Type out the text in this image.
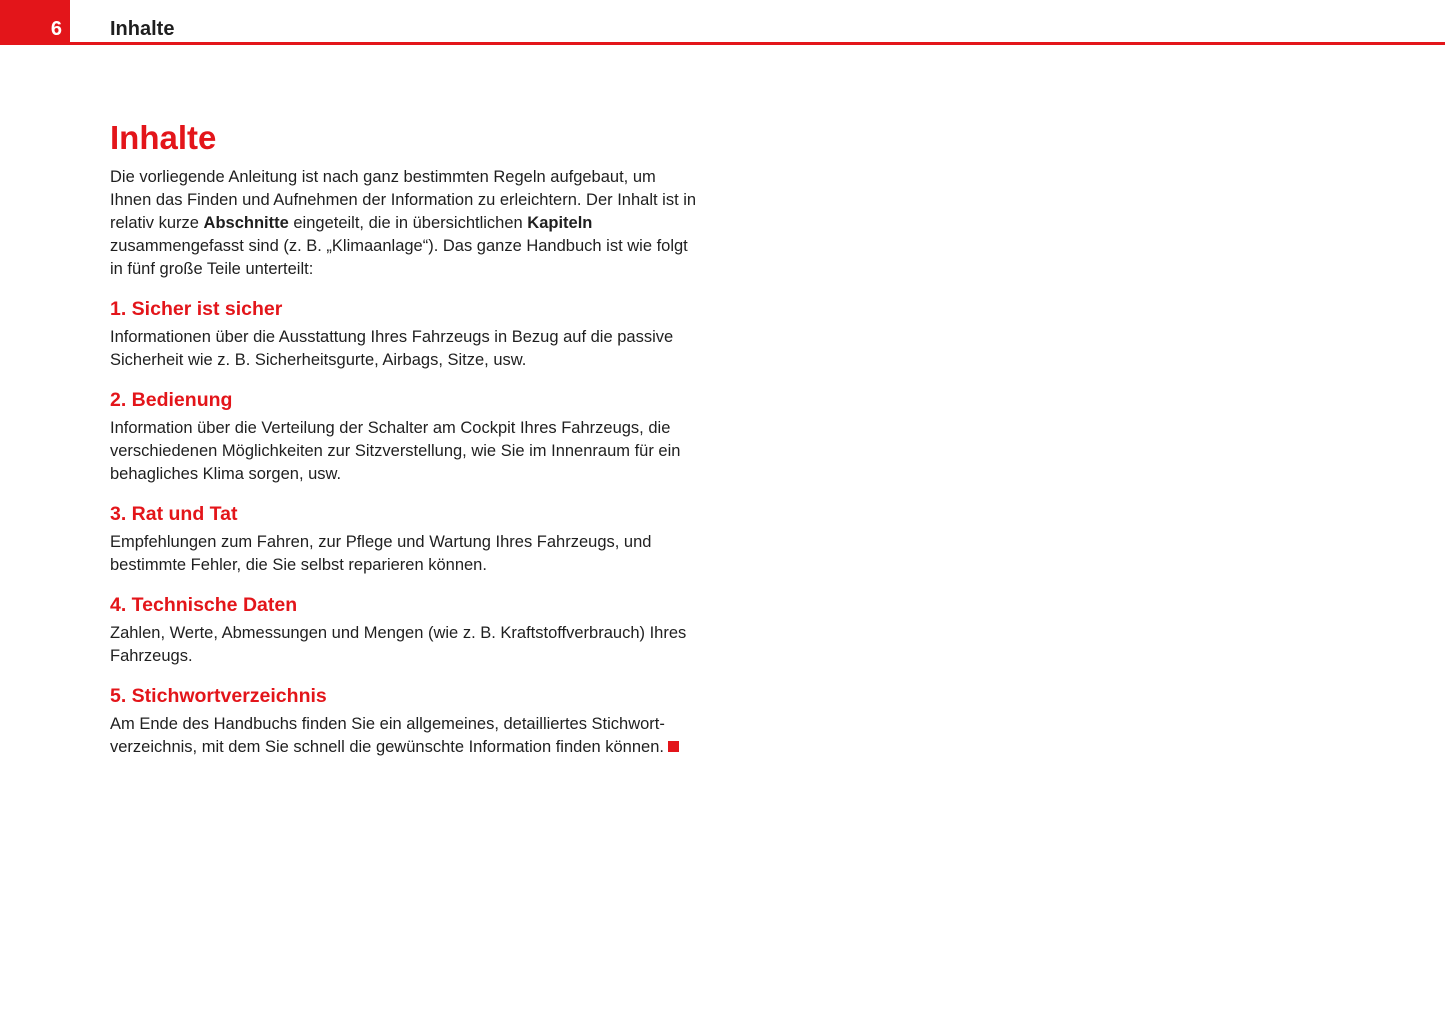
6 Inhalte
Inhalte

Die vorliegende Anleitung ist nach ganz bestimmten Regeln aufgebaut, um Ihnen das Finden und Aufnehmen der Information zu erleichtern. Der Inhalt ist in relativ kurze Abschnitte eingeteilt, die in übersichtlichen Kapiteln zusammengefasst sind (z. B. „Klimaanlage“). Das ganze Handbuch ist wie folgt in fünf große Teile unterteilt:

1. Sicher ist sicher

Informationen über die Ausstattung Ihres Fahrzeugs in Bezug auf die passive Sicherheit wie z. B. Sicherheitsgurte, Airbags, Sitze, usw.

2. Bedienung

Information über die Verteilung der Schalter am Cockpit Ihres Fahrzeugs, die verschiedenen Möglichkeiten zur Sitzverstellung, wie Sie im Innenraum für ein behagliches Klima sorgen, usw.

3. Rat und Tat

Empfehlungen zum Fahren, zur Pflege und Wartung Ihres Fahrzeugs, und bestimmte Fehler, die Sie selbst reparieren können.

4. Technische Daten

Zahlen, Werte, Abmessungen und Mengen (wie z. B. Kraftstoffverbrauch) Ihres Fahrzeugs.

5. Stichwortverzeichnis

Am Ende des Handbuchs finden Sie ein allgemeines, detailliertes Stichwort-verzeichnis, mit dem Sie schnell die gewünschte Information finden können.
